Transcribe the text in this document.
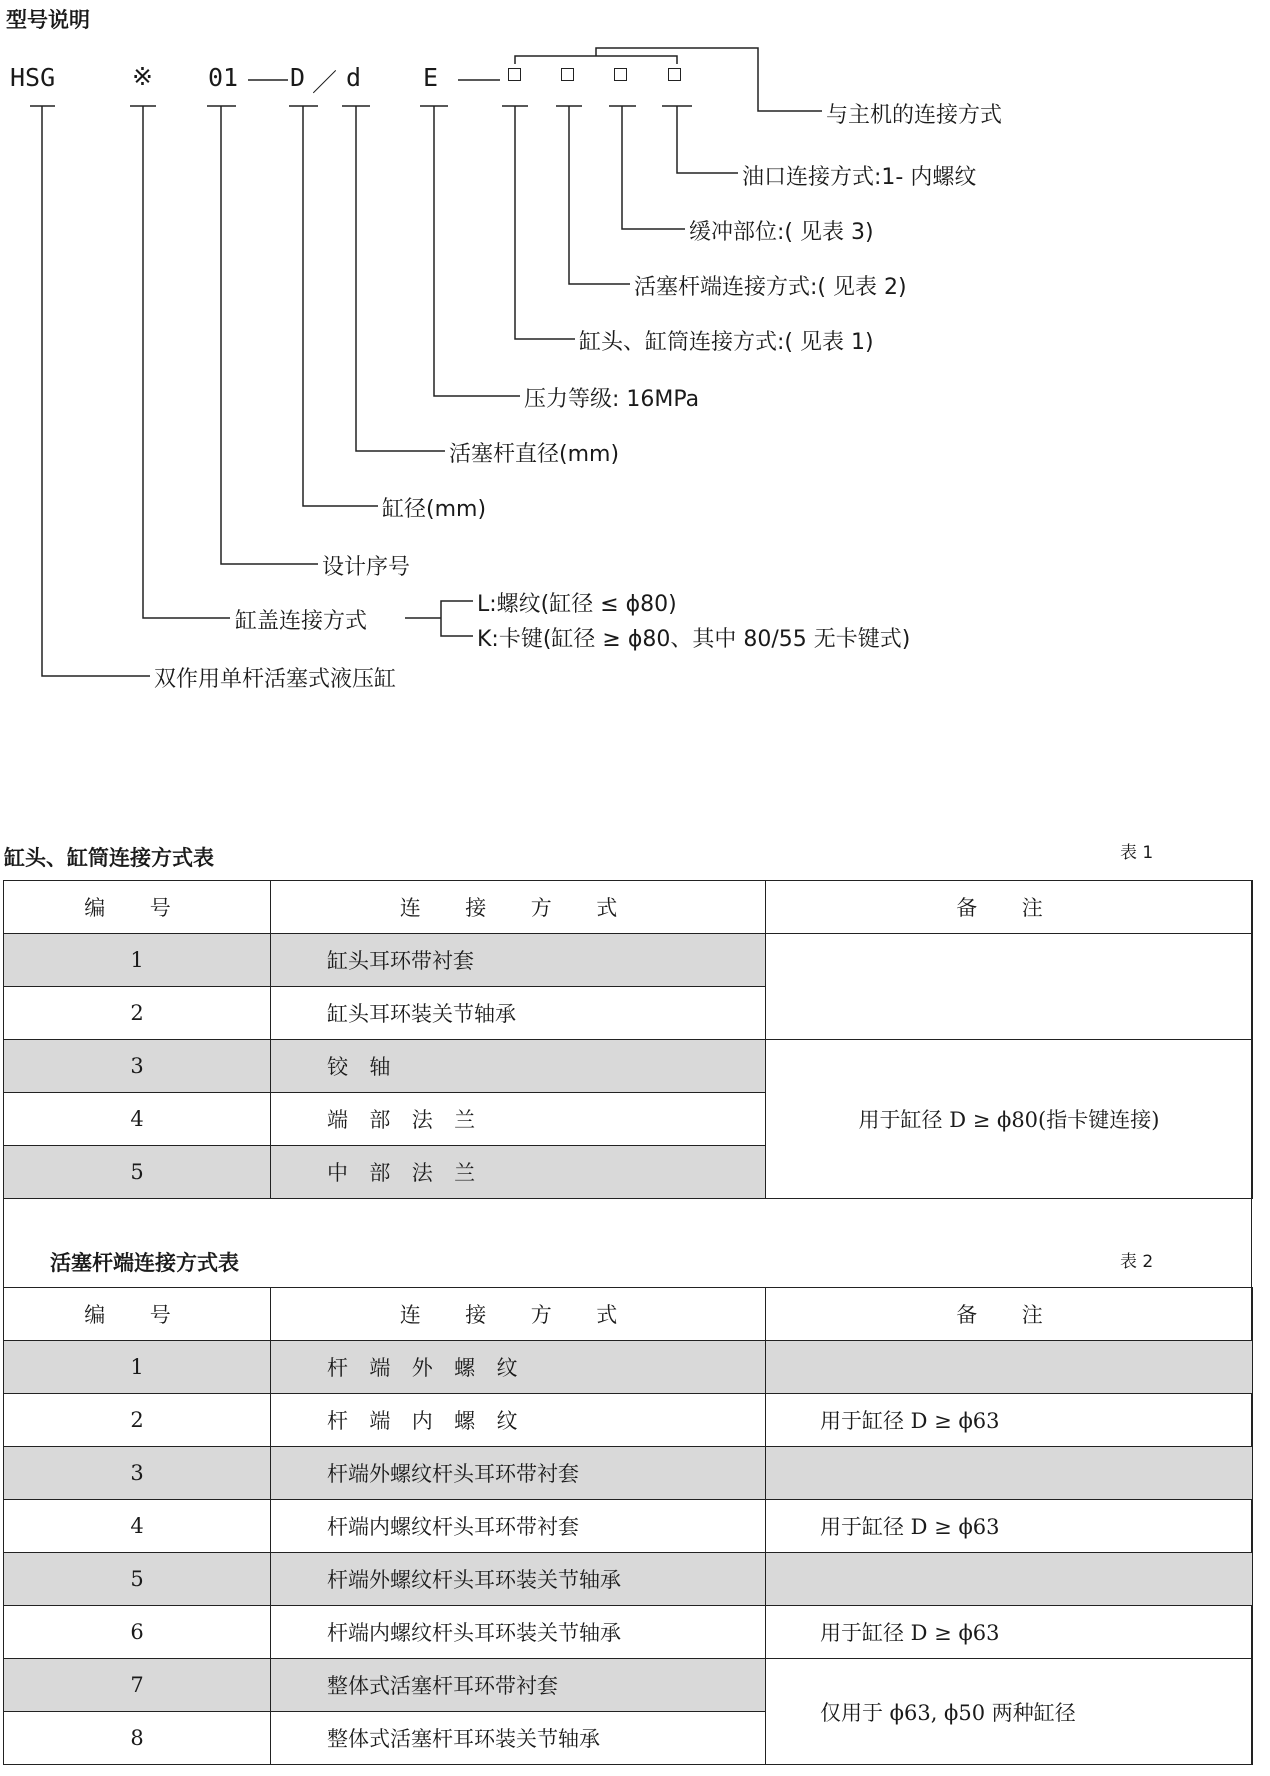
型号说明
HSG	※ 01 D ／ d E
与主机的连接方式
油口连接方式:1- 内螺纹
缓冲部位:( 见表 3)
活塞杆端连接方式:( 见表 2)
缸头、缸筒连接方式:( 见表 1)
压力等级: 16MPa
活塞杆直径(mm)
缸径(mm)
设计序号
缸盖连接方式
L:螺纹(缸径 ≤ ϕ80)
K:卡键(缸径 ≥ ϕ80、其中 80/55 无卡键式)
双作用单杆活塞式液压缸
缸头、缸筒连接方式表	表 1
编 号	连 接 方 式	备 注
1	缸头耳环带衬套	
2	缸头耳环装关节轴承	
3	铰 轴	用于缸径 D ≥ ϕ80(指卡键连接)
4	端 部 法 兰	
5	中 部 法 兰	
活塞杆端连接方式表	表 2
编 号	连 接 方 式	备 注
1	杆 端 外 螺 纹	
2	杆 端 内 螺 纹	用于缸径 D ≥ ϕ63
3	杆端外螺纹杆头耳环带衬套	
4	杆端内螺纹杆头耳环带衬套	用于缸径 D ≥ ϕ63
5	杆端外螺纹杆头耳环装关节轴承	
6	杆端内螺纹杆头耳环装关节轴承	用于缸径 D ≥ ϕ63
7	整体式活塞杆耳环带衬套	仅用于 ϕ63, ϕ50 两种缸径
8	整体式活塞杆耳环装关节轴承	
